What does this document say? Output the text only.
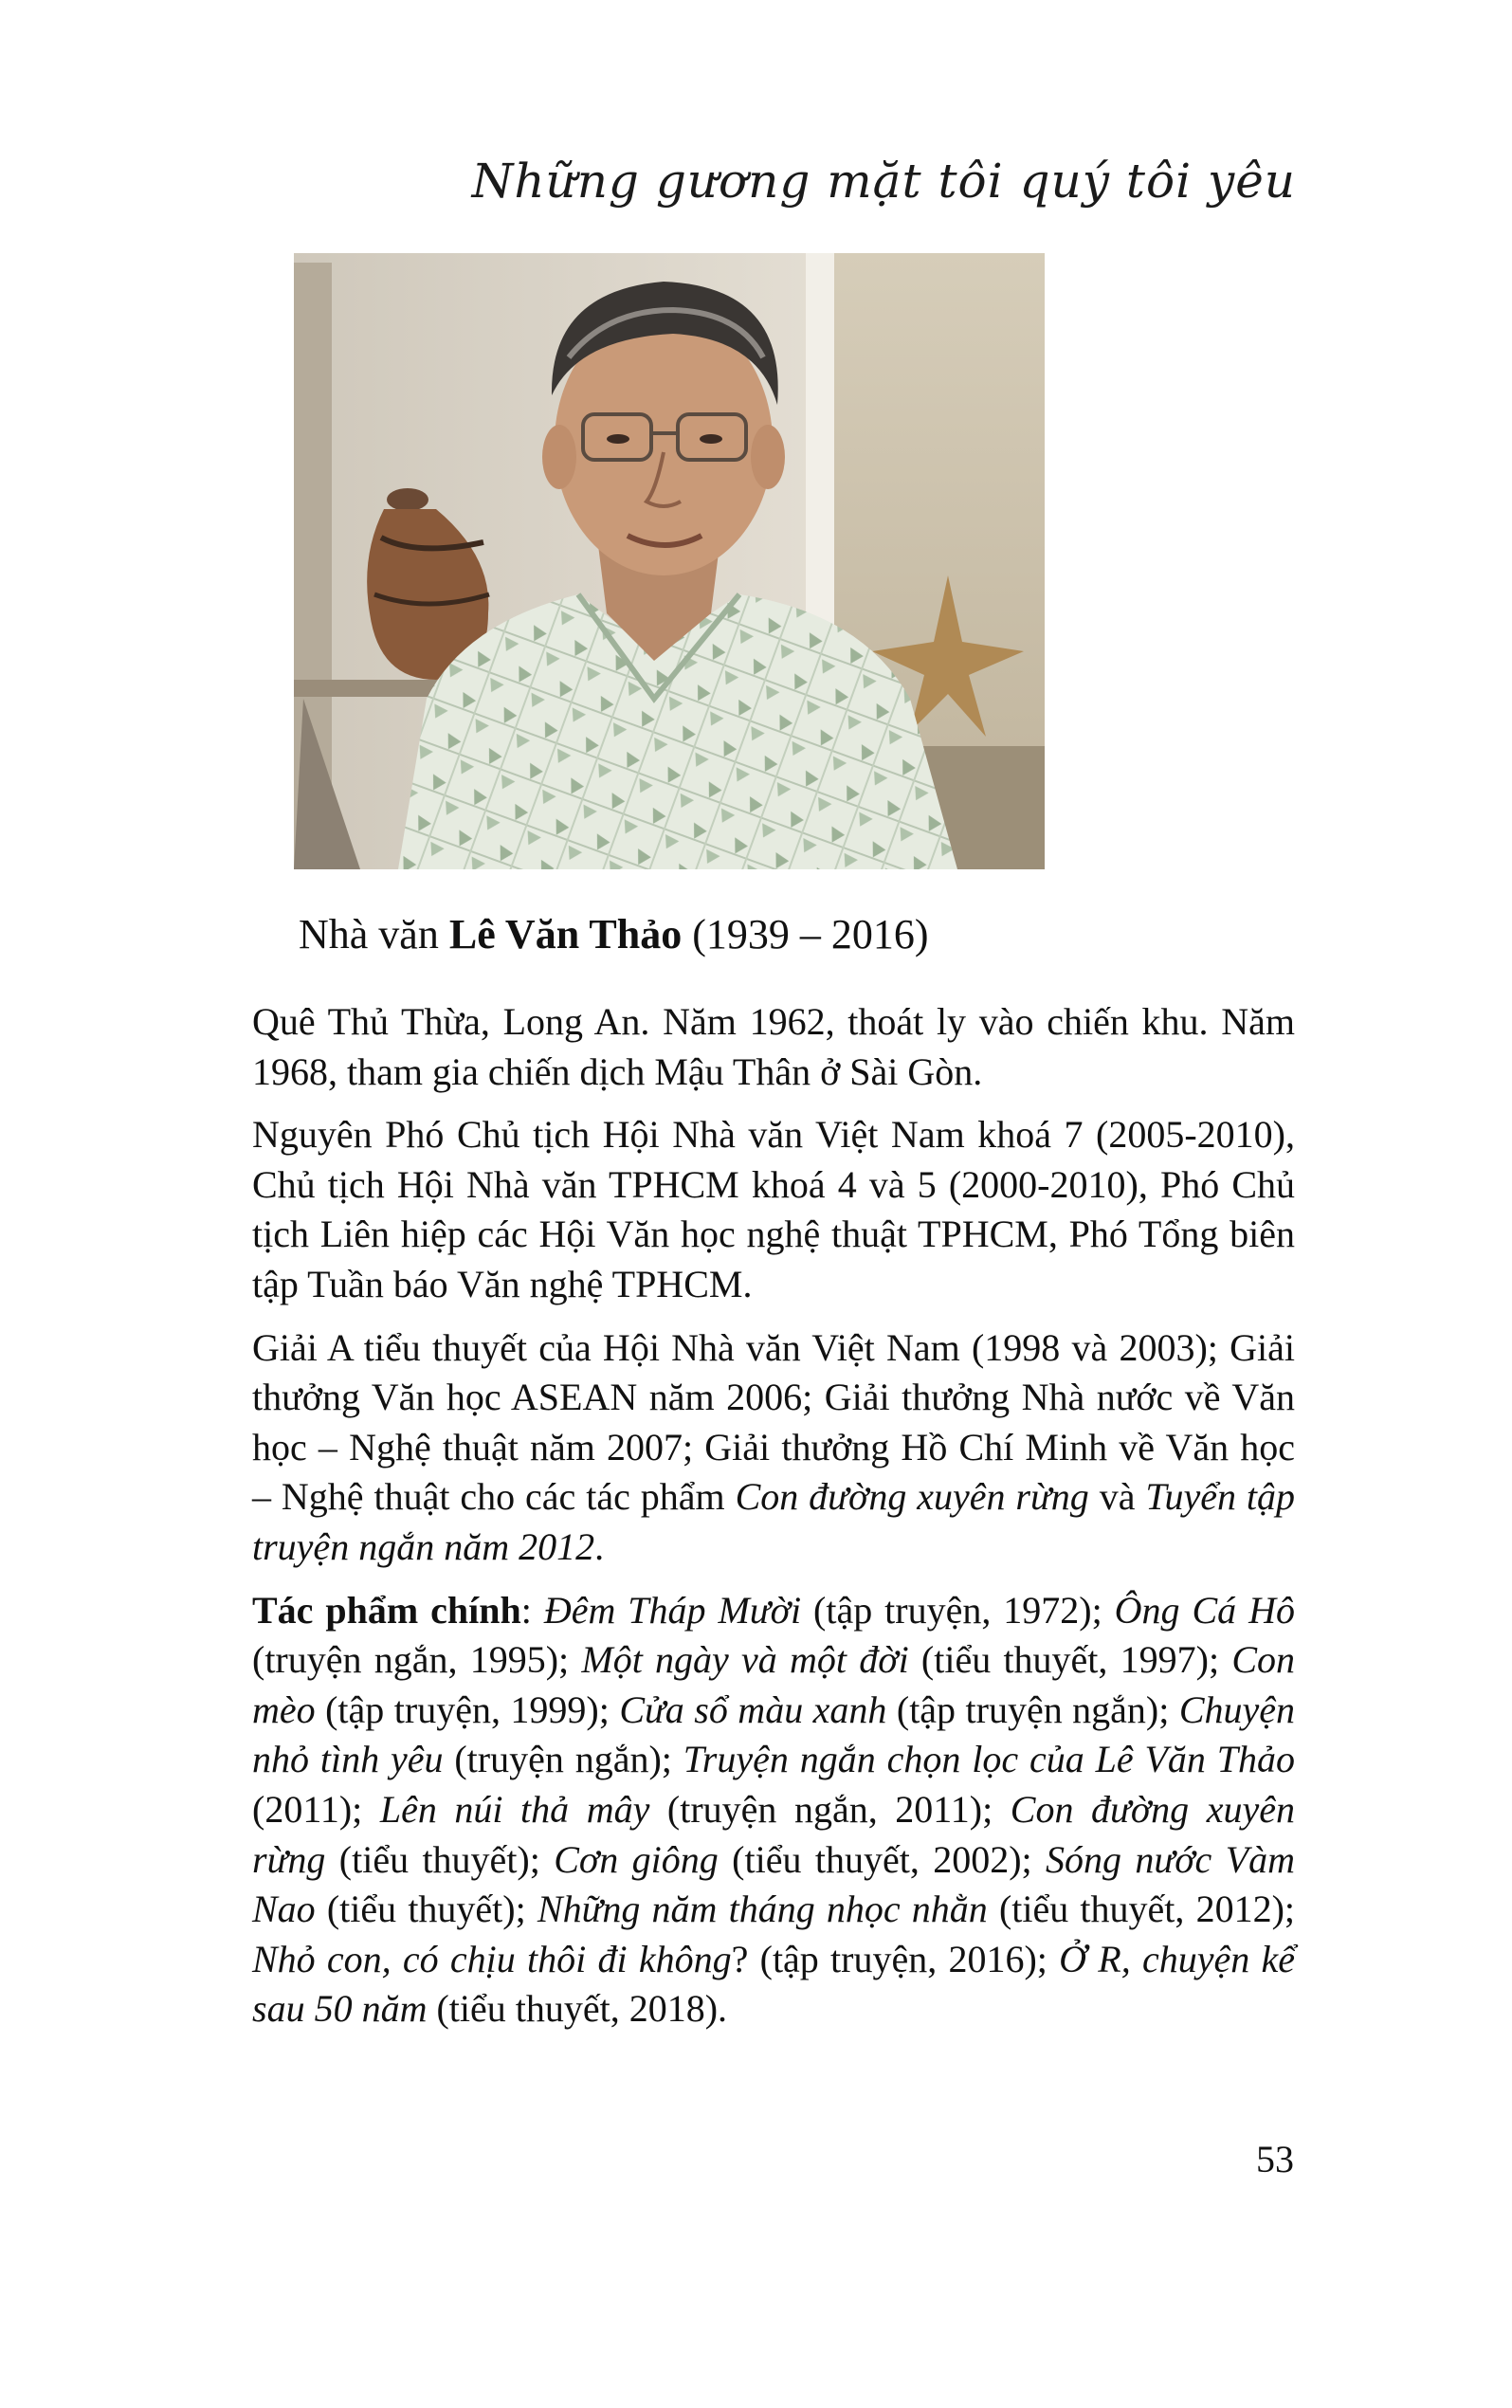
Những gương mặt tôi quý tôi yêu
Nhà văn Lê Văn Thảo (1939 – 2016)

Quê Thủ Thừa, Long An. Năm 1962, thoát ly vào chiến khu. Năm 1968, tham gia chiến dịch Mậu Thân ở Sài Gòn.

Nguyên Phó Chủ tịch Hội Nhà văn Việt Nam khoá 7 (2005-2010), Chủ tịch Hội Nhà văn TPHCM khoá 4 và 5 (2000-2010), Phó Chủ tịch Liên hiệp các Hội Văn học nghệ thuật TPHCM, Phó Tổng biên tập Tuần báo Văn nghệ TPHCM.

Giải A tiểu thuyết của Hội Nhà văn Việt Nam (1998 và 2003); Giải thưởng Văn học ASEAN năm 2006; Giải thưởng Nhà nước về Văn học – Nghệ thuật năm 2007; Giải thưởng Hồ Chí Minh về Văn học – Nghệ thuật cho các tác phẩm Con đường xuyên rừng và Tuyển tập truyện ngắn năm 2012.

Tác phẩm chính: Đêm Tháp Mười (tập truyện, 1972); Ông Cá Hô (truyện ngắn, 1995); Một ngày và một đời (tiểu thuyết, 1997); Con mèo (tập truyện, 1999); Cửa sổ màu xanh (tập truyện ngắn); Chuyện nhỏ tình yêu (truyện ngắn); Truyện ngắn chọn lọc của Lê Văn Thảo (2011); Lên núi thả mây (truyện ngắn, 2011); Con đường xuyên rừng (tiểu thuyết); Cơn giông (tiểu thuyết, 2002); Sóng nước Vàm Nao (tiểu thuyết); Những năm tháng nhọc nhằn (tiểu thuyết, 2012); Nhỏ con, có chịu thôi đi không? (tập truyện, 2016); Ở R, chuyện kể sau 50 năm (tiểu thuyết, 2018).

53
